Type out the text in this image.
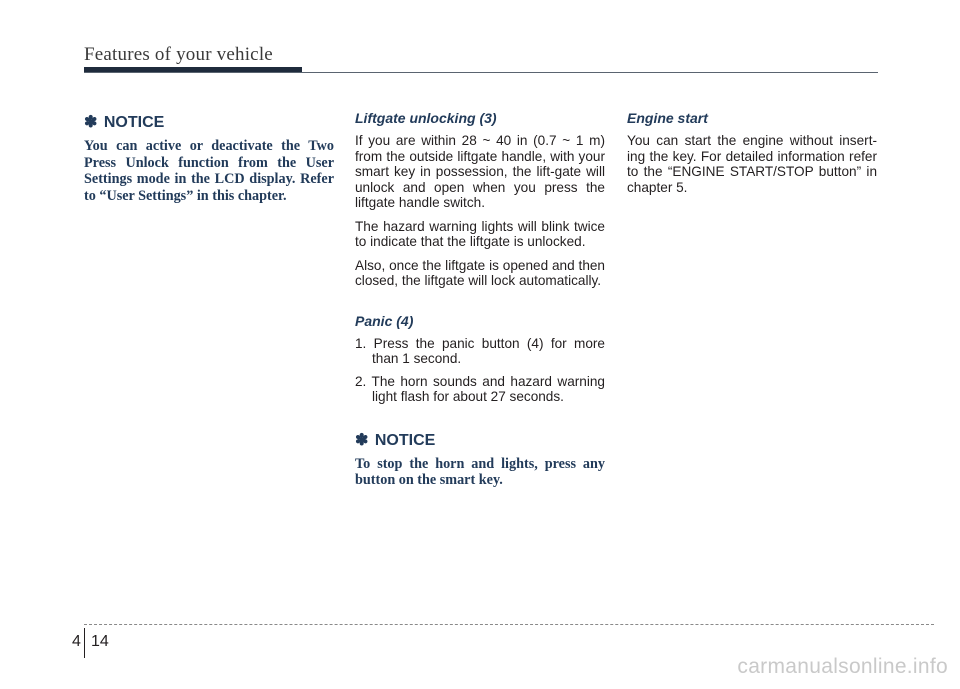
Features of your vehicle
✽ NOTICE

You can active or deactivate the Two Press Unlock function from the User Settings mode in the LCD display. Refer to “User Settings” in this chapter.

Liftgate unlocking (3)

If you are within 28 ~ 40 in (0.7 ~ 1 m) from the outside liftgate handle, with your smart key in possession, the lift-gate will unlock and open when you press the liftgate handle switch.

The hazard warning lights will blink twice to indicate that the liftgate is unlocked.

Also, once the liftgate is opened and then closed, the liftgate will lock automatically.

Panic (4)

1. Press the panic button (4) for more than 1 second.

2. The horn sounds and hazard warning light flash for about 27 seconds.

✽ NOTICE

To stop the horn and lights, press any button on the smart key.

Engine start

You can start the engine without insert-ing the key. For detailed information refer to the “ENGINE START/STOP button” in chapter 5.

4 14
carmanualsonline.info
